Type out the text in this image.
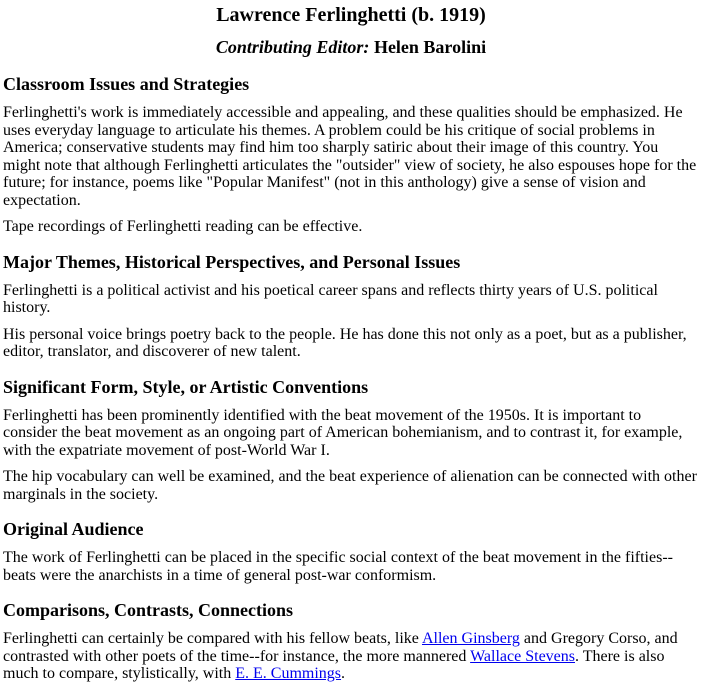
Lawrence Ferlinghetti (b. 1919)
Contributing Editor: Helen Barolini
Classroom Issues and Strategies

Ferlinghetti's work is immediately accessible and appealing, and these qualities should be emphasized. He uses everyday language to articulate his themes. A problem could be his critique of social problems in America; conservative students may find him too sharply satiric about their image of this country. You might note that although Ferlinghetti articulates the "outsider" view of society, he also espouses hope for the future; for instance, poems like "Popular Manifest" (not in this anthology) give a sense of vision and expectation.

Tape recordings of Ferlinghetti reading can be effective.

Major Themes, Historical Perspectives, and Personal Issues

Ferlinghetti is a political activist and his poetical career spans and reflects thirty years of U.S. political history.

His personal voice brings poetry back to the people. He has done this not only as a poet, but as a publisher, editor, translator, and discoverer of new talent.

Significant Form, Style, or Artistic Conventions

Ferlinghetti has been prominently identified with the beat movement of the 1950s. It is important to consider the beat movement as an ongoing part of American bohemianism, and to contrast it, for example, with the expatriate movement of post-World War I.

The hip vocabulary can well be examined, and the beat experience of alienation can be connected with other marginals in the society.

Original Audience

The work of Ferlinghetti can be placed in the specific social context of the beat movement in the fifties-- beats were the anarchists in a time of general post-war conformism.

Comparisons, Contrasts, Connections

Ferlinghetti can certainly be compared with his fellow beats, like Allen Ginsberg and Gregory Corso, and contrasted with other poets of the time--for instance, the more mannered Wallace Stevens. There is also much to compare, stylistically, with E. E. Cummings.
